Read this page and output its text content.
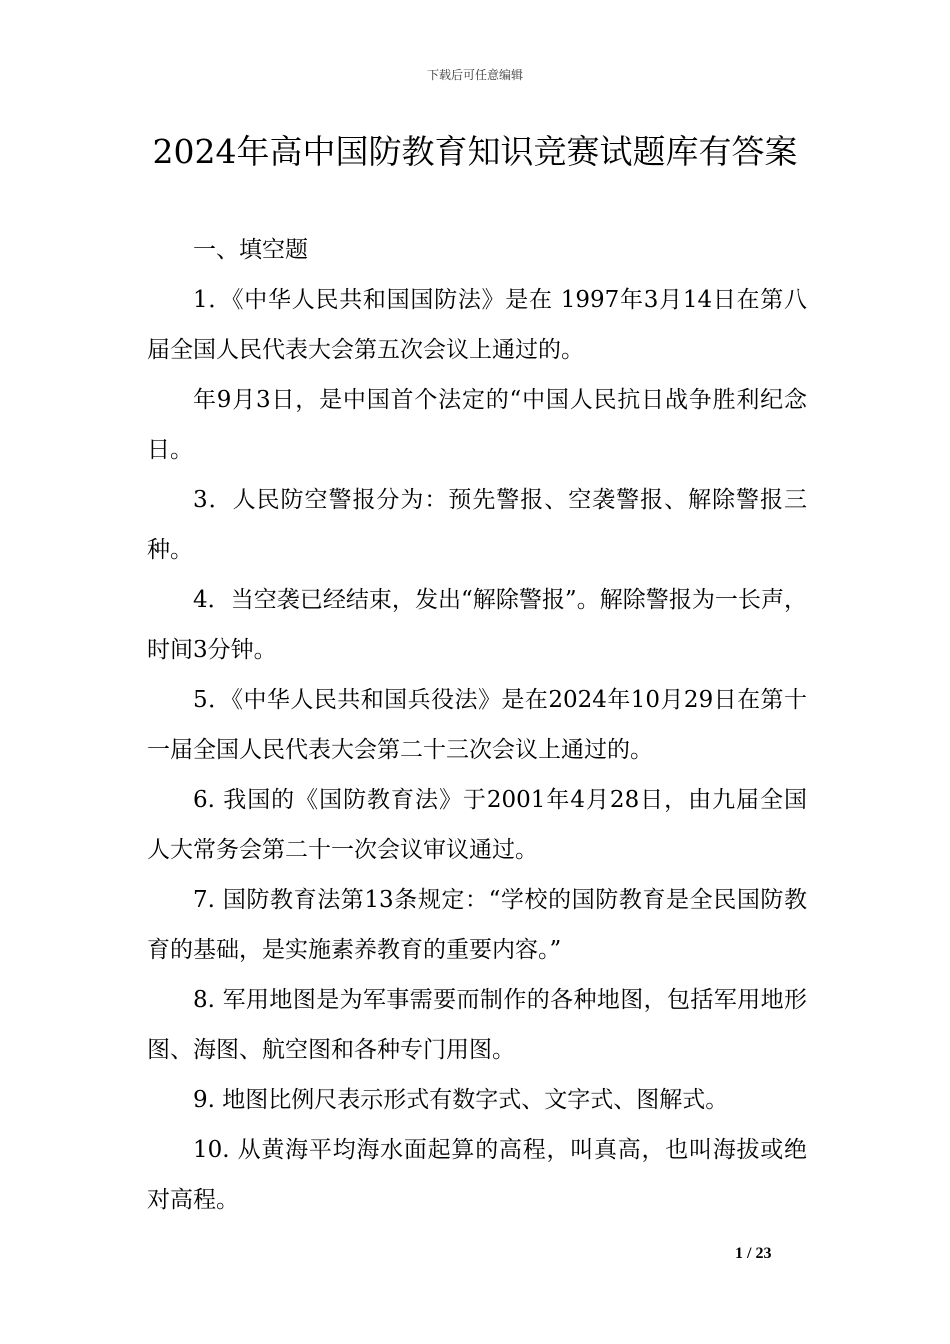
下载后可任意编辑
2024年高中国防教育知识竞赛试题库有答案

一、填空题

1．《中华人民共和国国防法》是在 1997年3月14日在第八届全国人民代表大会第五次会议上通过的。

年9月3日，是中国首个法定的“中国人民抗日战争胜利纪念日。

3．人民防空警报分为：预先警报、空袭警报、解除警报三种。

4．当空袭已经结束，发出“解除警报”。解除警报为一长声，时间3分钟。

5．《中华人民共和国兵役法》是在2024年10月29日在第十一届全国人民代表大会第二十三次会议上通过的。

6. 我国的《国防教育法》于2001年4月28日，由九届全国人大常务会第二十一次会议审议通过。

7. 国防教育法第13条规定：“学校的国防教育是全民国防教育的基础，是实施素养教育的重要内容。”

8. 军用地图是为军事需要而制作的各种地图，包括军用地形图、海图、航空图和各种专门用图。

9. 地图比例尺表示形式有数字式、文字式、图解式。

10. 从黄海平均海水面起算的高程，叫真高，也叫海拔或绝对高程。

1 / 23
